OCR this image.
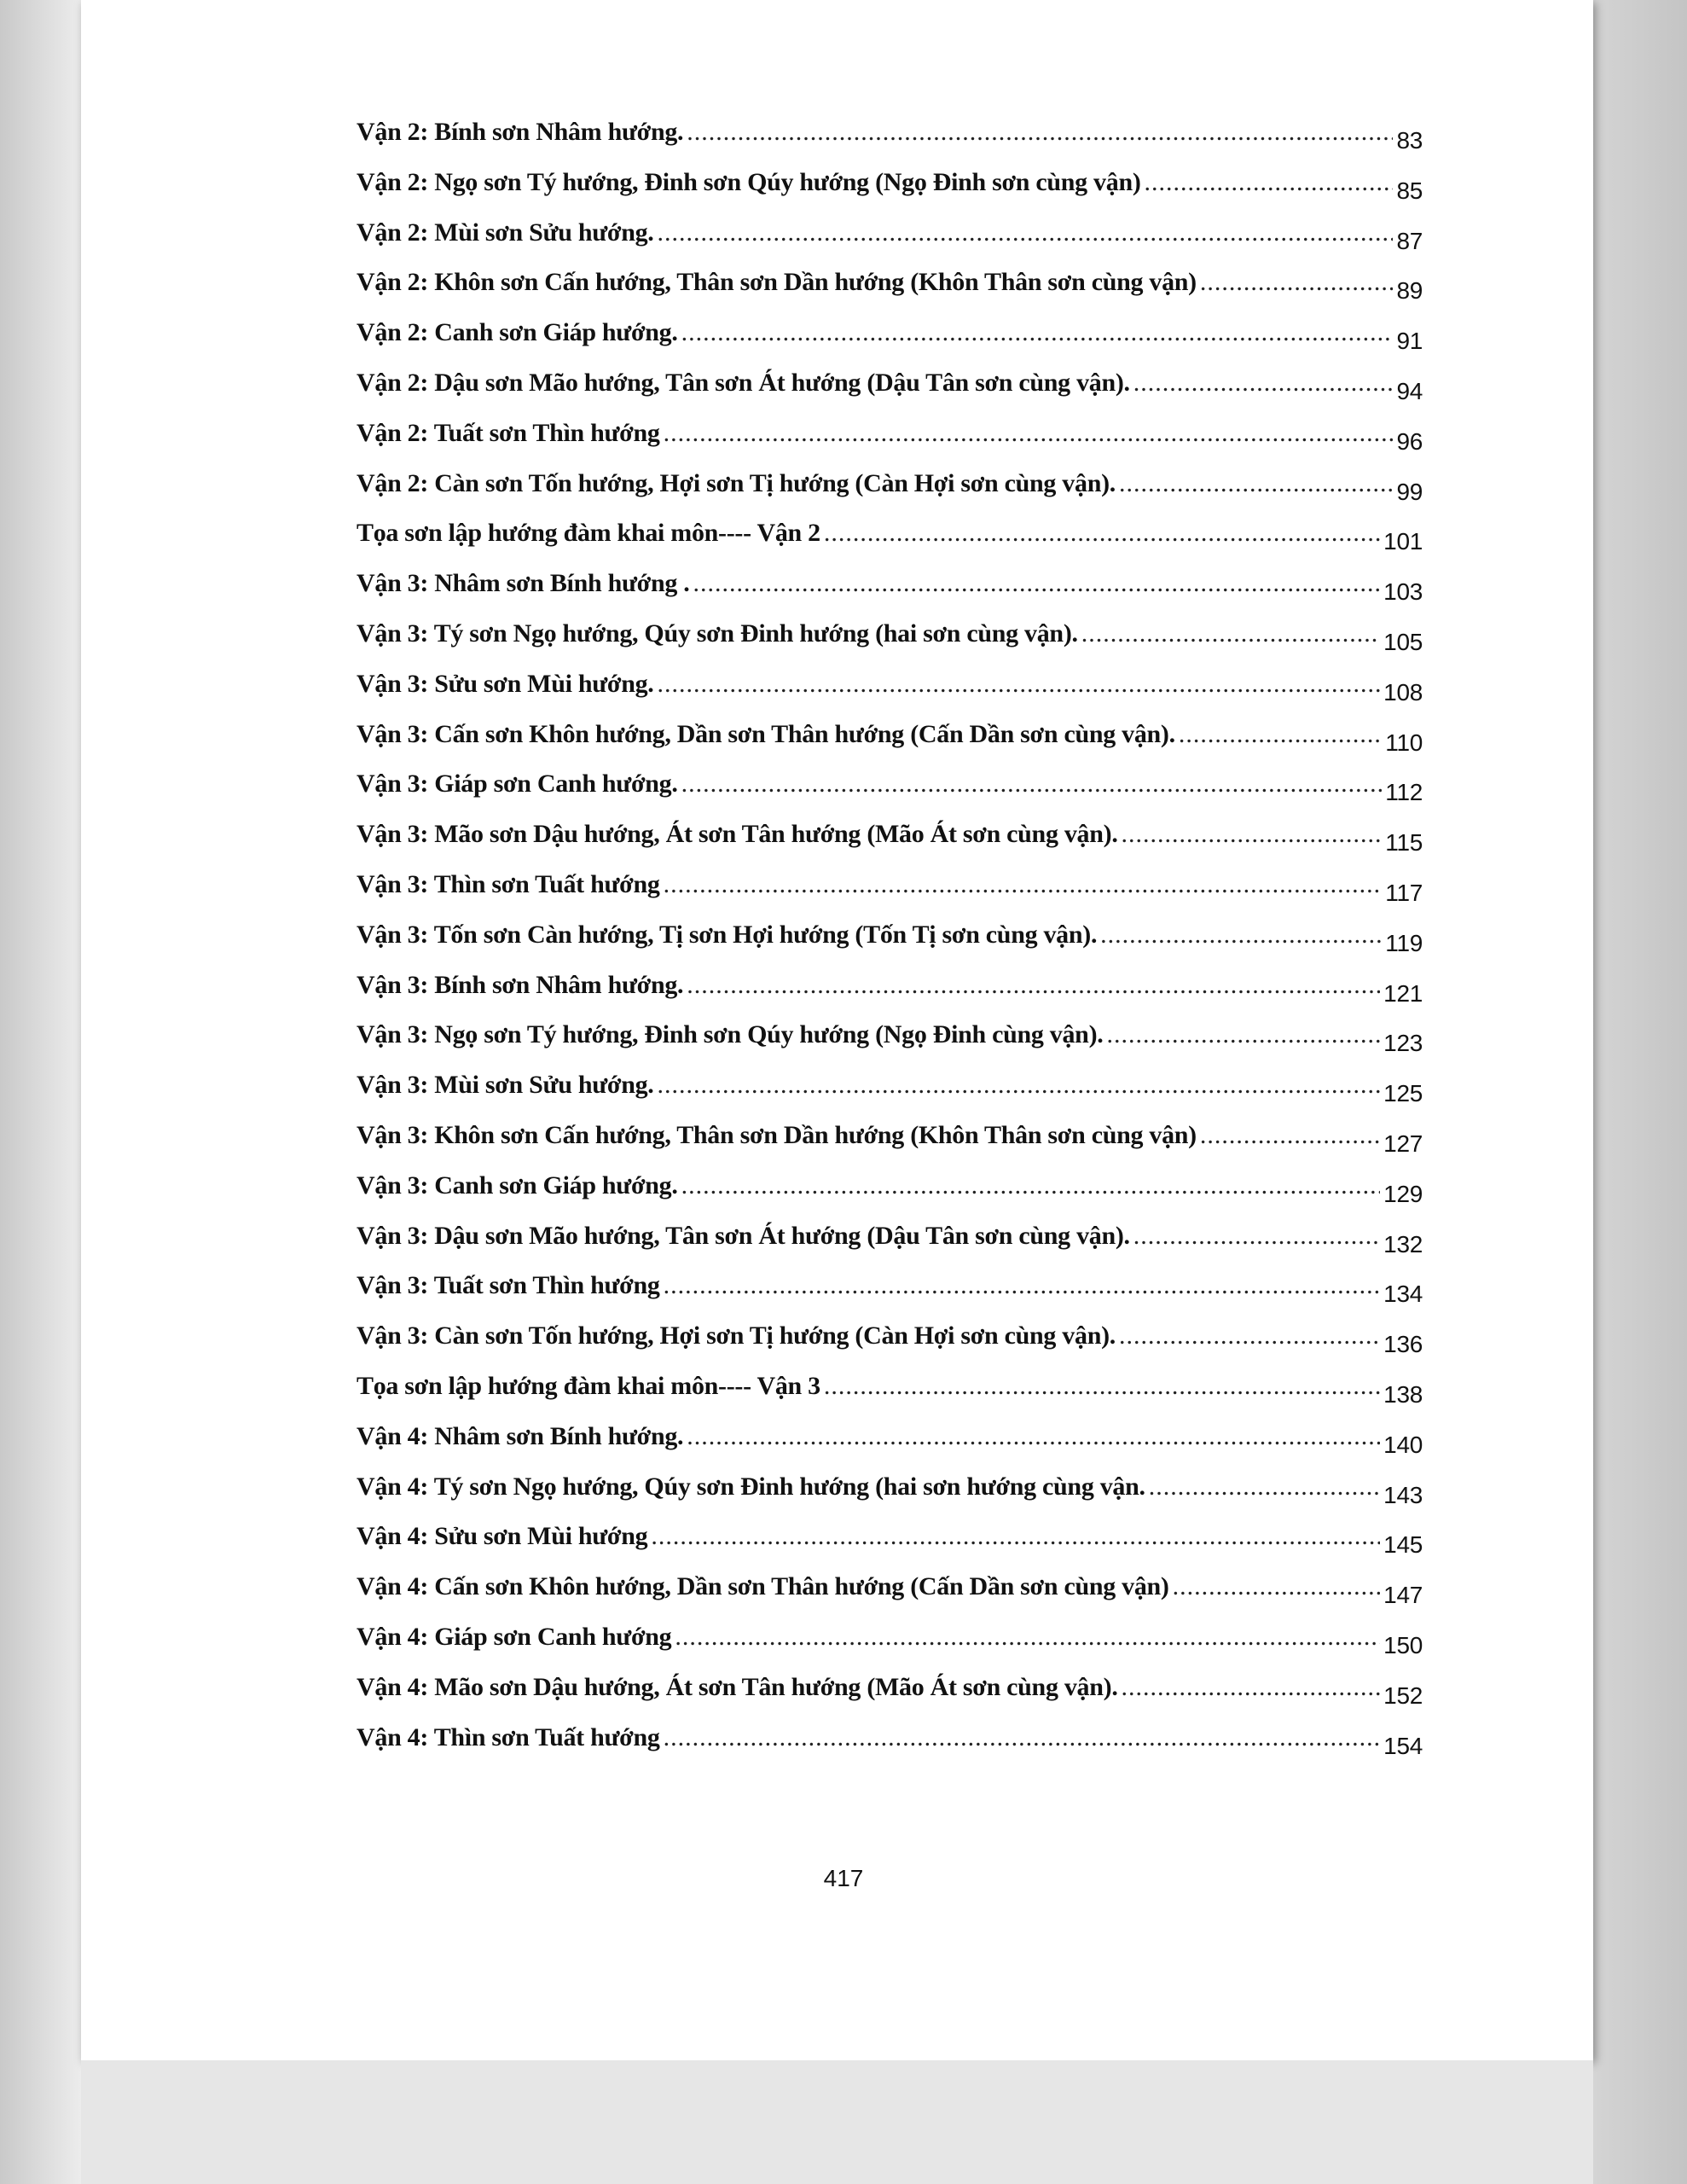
Vận 2: Bính sơn Nhâm hướng. .....	83
Vận 2: Ngọ sơn Tý hướng, Đinh sơn Qúy hướng (Ngọ Đinh sơn cùng vận) .....	85
Vận 2: Mùi sơn Sửu hướng. .....	87
Vận 2: Khôn sơn Cấn hướng, Thân sơn Dần hướng (Khôn Thân sơn cùng vận) .....	89
Vận 2: Canh sơn Giáp hướng. .....	91
Vận 2: Dậu sơn Mão hướng, Tân sơn Át hướng (Dậu Tân sơn cùng vận). .....	94
Vận 2: Tuất sơn Thìn hướng .....	96
Vận 2: Càn sơn Tốn hướng, Hợi sơn Tị hướng (Càn Hợi sơn cùng vận). .....	99
Tọa sơn lập hướng đàm khai môn---- Vận 2 .....	101
Vận 3: Nhâm sơn Bính hướng . .....	103
Vận 3: Tý sơn Ngọ hướng, Qúy sơn Đinh hướng (hai sơn cùng vận). .....	105
Vận 3: Sửu sơn Mùi hướng. .....	108
Vận 3: Cấn sơn Khôn hướng, Dần sơn Thân hướng (Cấn Dần sơn cùng vận). .....	110
Vận 3: Giáp sơn Canh hướng. .....	112
Vận 3: Mão sơn Dậu hướng, Át sơn Tân hướng (Mão Át sơn cùng vận). .....	115
Vận 3: Thìn sơn Tuất hướng .....	117
Vận 3: Tốn sơn Càn hướng, Tị sơn Hợi hướng (Tốn Tị sơn cùng vận). .....	119
Vận 3: Bính sơn Nhâm hướng. .....	121
Vận 3: Ngọ sơn Tý hướng, Đinh sơn Qúy hướng (Ngọ Đinh cùng vận). .....	123
Vận 3: Mùi sơn Sửu hướng. .....	125
Vận 3: Khôn sơn Cấn hướng, Thân sơn Dần hướng (Khôn Thân sơn cùng vận) .....	127
Vận 3: Canh sơn Giáp hướng. .....	129
Vận 3: Dậu sơn Mão hướng, Tân sơn Át hướng (Dậu Tân sơn cùng vận). .....	132
Vận 3: Tuất sơn Thìn hướng .....	134
Vận 3: Càn sơn Tốn hướng, Hợi sơn Tị hướng (Càn Hợi sơn cùng vận). .....	136
Tọa sơn lập hướng đàm khai môn---- Vận 3 .....	138
Vận 4: Nhâm sơn Bính hướng. .....	140
Vận 4: Tý sơn Ngọ hướng, Qúy sơn Đinh hướng (hai sơn hướng cùng vận. .....	143
Vận 4: Sửu sơn Mùi hướng .....	145
Vận 4: Cấn sơn Khôn hướng, Dần sơn Thân hướng (Cấn Dần sơn cùng vận) .....	147
Vận 4: Giáp sơn Canh hướng .....	150
Vận 4: Mão sơn Dậu hướng, Át sơn Tân hướng (Mão Át sơn cùng vận). .....	152
Vận 4: Thìn sơn Tuất hướng .....	154
417
